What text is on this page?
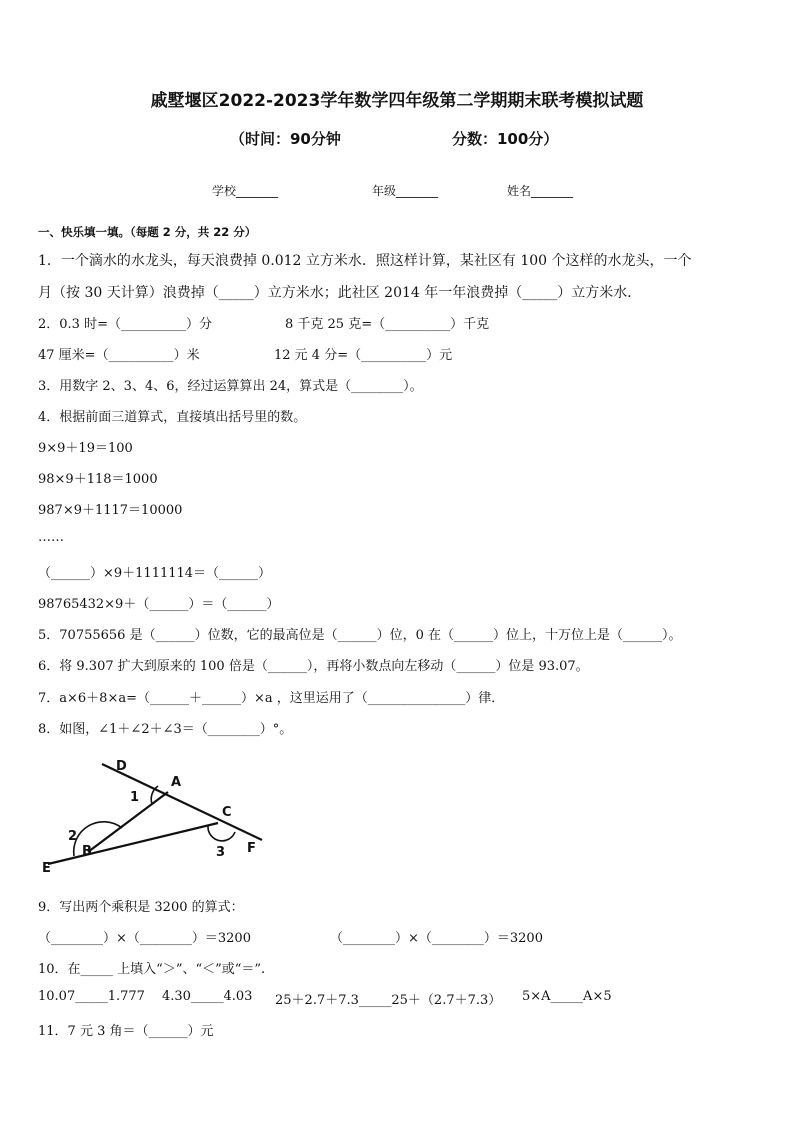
戚墅堰区2022-2023学年数学四年级第二学期期末联考模拟试题
（时间：90分钟	分数：100分）
学校_______	年级_______	姓名_______
一、快乐填一填。（每题 2 分，共 22 分）
1．一个滴水的水龙头，每天浪费掉 0.012 立方米水．照这样计算，某社区有 100 个这样的水龙头，一个
月（按 30 天计算）浪费掉（_____）立方米水；此社区 2014 年一年浪费掉（_____）立方米水．
2．0.3 时=（__________）分	8 千克 25 克=（__________）千克
47 厘米=（__________）米	12 元 4 分=（__________）元
3．用数字 2、3、4、6，经过运算算出 24，算式是（________）。
4．根据前面三道算式，直接填出括号里的数。
9×9＋19＝100
98×9＋118＝1000
987×9＋1117＝10000
……
（______）×9＋1111114＝（______）
98765432×9＋（______）＝（______）
5．70755656 是（______）位数，它的最高位是（______）位，0 在（______）位上，十万位上是（______）。
6．将 9.307 扩大到原来的 100 倍是（______），再将小数点向左移动（______）位是 93.07。
7．a×6＋8×a=（______＋______）×a ，这里运用了（_______________）律．
8．如图，∠1＋∠2＋∠3＝（________）°。
D
A
C
F
E
B
1
2
3
9．写出两个乘积是 3200 的算式：
（________）×（________）＝3200	（________）×（________）＝3200
10．在_____ 上填入“＞”、“＜”或“＝”.
10.07_____1.777 4.30_____4.03 25＋2.7＋7.3_____25＋（2.7＋7.3） 5×A_____A×5
11．7 元 3 角＝（______）元
